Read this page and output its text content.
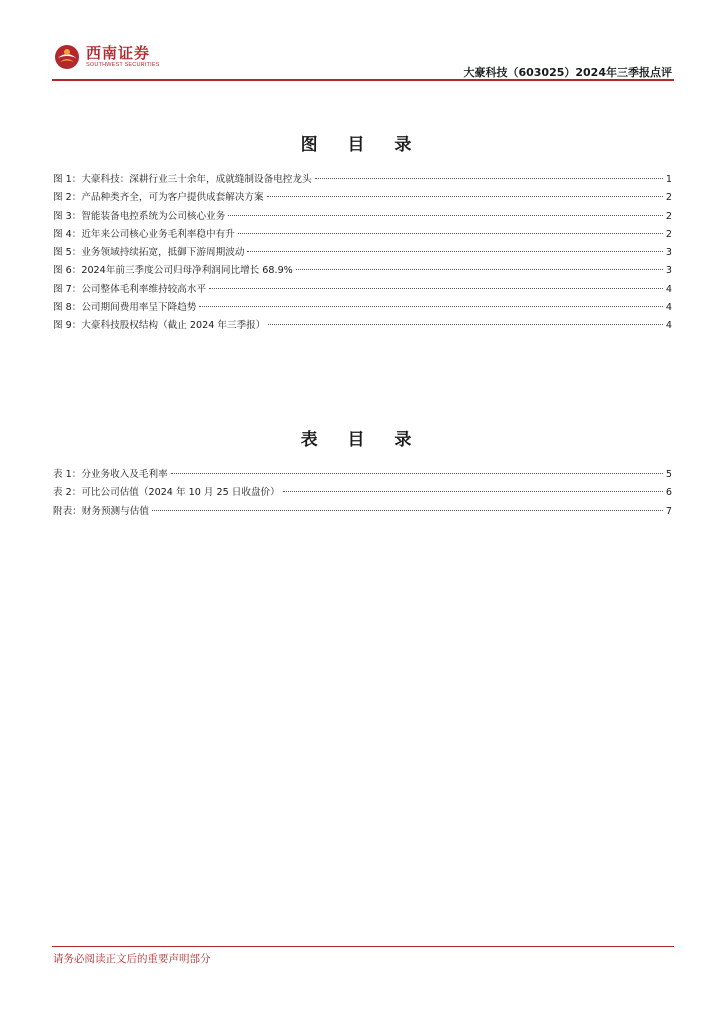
西南证券
SOUTHWEST SECURITIES
大豪科技（603025）2024年三季报点评
图 目 录
图 1：大豪科技：深耕行业三十余年，成就缝制设备电控龙头	1
图 2：产品种类齐全，可为客户提供成套解决方案	2
图 3：智能装备电控系统为公司核心业务	2
图 4：近年来公司核心业务毛利率稳中有升	2
图 5：业务领域持续拓宽，抵御下游周期波动	3
图 6：2024年前三季度公司归母净利润同比增长 68.9%	3
图 7：公司整体毛利率维持较高水平	4
图 8：公司期间费用率呈下降趋势	4
图 9：大豪科技股权结构（截止 2024 年三季报）	4
表 目 录
表 1：分业务收入及毛利率	5
表 2：可比公司估值（2024 年 10 月 25 日收盘价）	6
附表：财务预测与估值	7
请务必阅读正文后的重要声明部分
